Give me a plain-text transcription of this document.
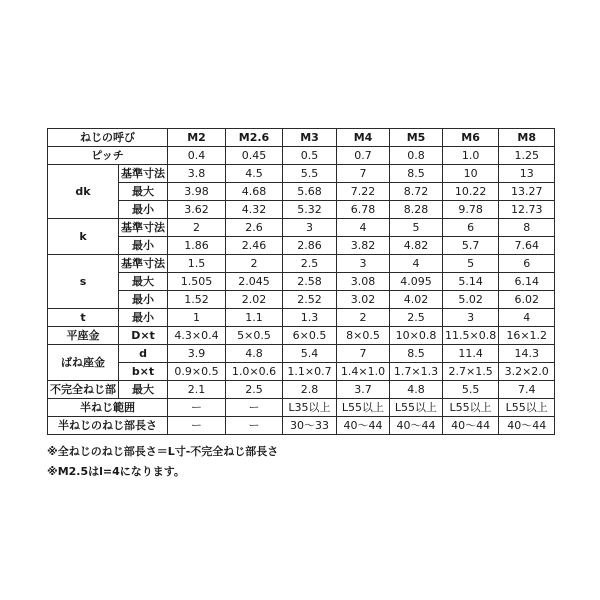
ねじの呼び		M2	M2.6	M3	M4	M5	M6	M8
ピッチ		0.4	0.45	0.5	0.7	0.8	1.0	1.25
dk	基準寸法	3.8	4.5	5.5	7	8.5	10	13
	最大	3.98	4.68	5.68	7.22	8.72	10.22	13.27
	最小	3.62	4.32	5.32	6.78	8.28	9.78	12.73
k	基準寸法	2	2.6	3	4	5	6	8
	最小	1.86	2.46	2.86	3.82	4.82	5.7	7.64
s	基準寸法	1.5	2	2.5	3	4	5	6
	最大	1.505	2.045	2.58	3.08	4.095	5.14	6.14
	最小	1.52	2.02	2.52	3.02	4.02	5.02	6.02
t	最小	1	1.1	1.3	2	2.5	3	4
平座金	D×t	4.3×0.4	5×0.5	6×0.5	8×0.5	10×0.8	11.5×0.8	16×1.2
ばね座金	d	3.9	4.8	5.4	7	8.5	11.4	14.3
	b×t	0.9×0.5	1.0×0.6	1.1×0.7	1.4×1.0	1.7×1.3	2.7×1.5	3.2×2.0
不完全ねじ部	最大	2.1	2.5	2.8	3.7	4.8	5.5	7.4
半ねじ範囲		ー	ー	L35以上	L55以上	L55以上	L55以上	L55以上
半ねじのねじ部長さ		ー	ー	30〜33	40〜44	40〜44	40〜44	40〜44
※全ねじのねじ部長さ＝L寸-不完全ねじ部長さ
※M2.5はl=4になります。
